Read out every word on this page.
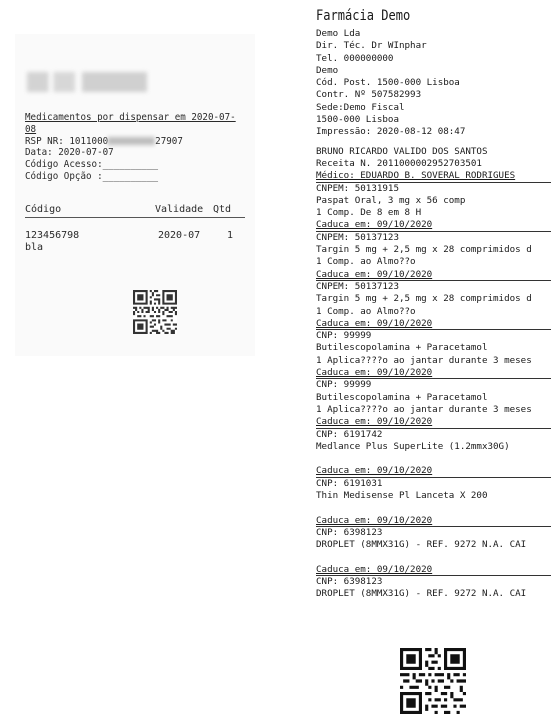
Medicamentos por dispensar em 2020-07-08
RSP NR: 1011000	27907
Data: 2020-07-07
Código Acesso:__________
Código Opção :__________
Código	Validade Qtd
123456798	2020-07	1
bla
Farmácia Demo
Demo Lda
Dir. Téc. Dr WInphar
Tel. 000000000
Demo
Cód. Post. 1500-000 Lisboa
Contr. Nº 507582993
Sede:Demo Fiscal
1500-000 Lisboa
Impressão: 2020-08-12 08:47
BRUNO RICARDO VALIDO DOS SANTOS
Receita N. 2011000002952703501
Médico: EDUARDO B. SOVERAL RODRIGUES
CNPEM: 50131915
Paspat Oral, 3 mg x 56 comp
1 Comp. De 8 em 8 H
Caduca em: 09/10/2020
CNPEM: 50137123
Targin 5 mg + 2,5 mg x 28 comprimidos d
1 Comp. ao Almo??o
Caduca em: 09/10/2020
CNPEM: 50137123
Targin 5 mg + 2,5 mg x 28 comprimidos d
1 Comp. ao Almo??o
Caduca em: 09/10/2020
CNP: 99999
Butilescopolamina + Paracetamol
1 Aplica????o ao jantar durante 3 meses
Caduca em: 09/10/2020
CNP: 99999
Butilescopolamina + Paracetamol
1 Aplica????o ao jantar durante 3 meses
Caduca em: 09/10/2020
CNP: 6191742
Medlance Plus SuperLite (1.2mmx30G)
Caduca em: 09/10/2020
CNP: 6191031
Thin Medisense Pl Lanceta X 200
Caduca em: 09/10/2020
CNP: 6398123
DROPLET (8MMX31G) - REF. 9272 N.A. CAI
Caduca em: 09/10/2020
CNP: 6398123
DROPLET (8MMX31G) - REF. 9272 N.A. CAI
